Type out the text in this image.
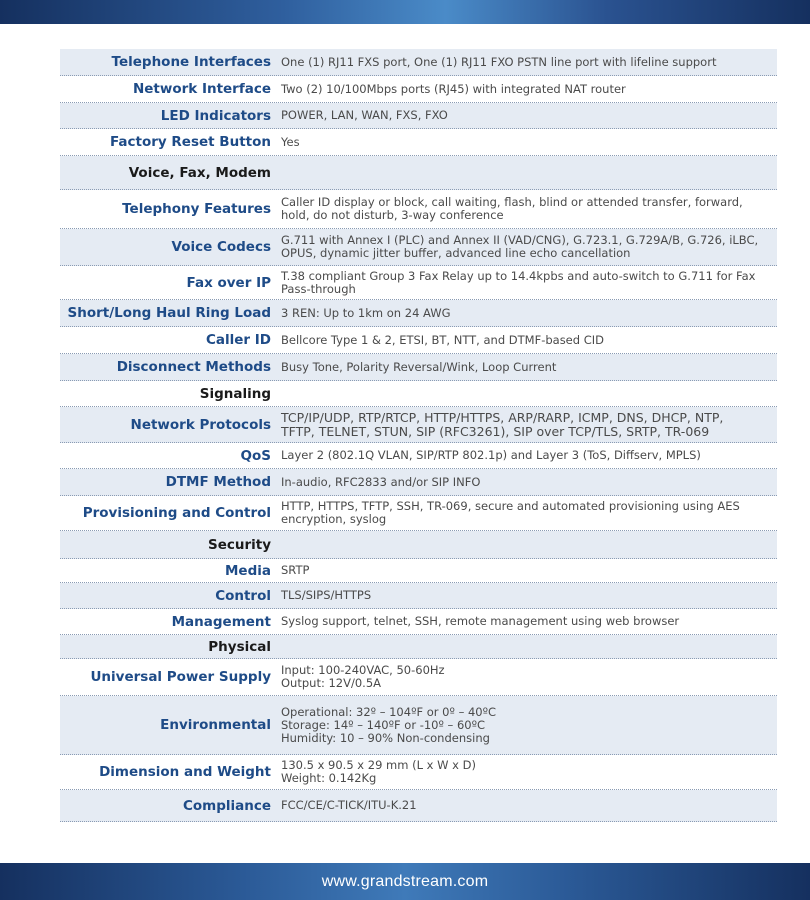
Telephone Interfaces One (1) RJ11 FXS port, One (1) RJ11 FXO PSTN line port with lifeline support
Network Interface Two (2) 10/100Mbps ports (RJ45) with integrated NAT router
LED Indicators POWER, LAN, WAN, FXS, FXO
Factory Reset Button Yes
Voice, Fax, Modem
Telephony Features Caller ID display or block, call waiting, flash, blind or attended transfer, forward,
hold, do not disturb, 3-way conference
Voice Codecs G.711 with Annex I (PLC) and Annex II (VAD/CNG), G.723.1, G.729A/B, G.726, iLBC,
OPUS, dynamic jitter buffer, advanced line echo cancellation
Fax over IP T.38 compliant Group 3 Fax Relay up to 14.4kpbs and auto-switch to G.711 for Fax
Pass-through
Short/Long Haul Ring Load 3 REN: Up to 1km on 24 AWG
Caller ID Bellcore Type 1 & 2, ETSI, BT, NTT, and DTMF-based CID
Disconnect Methods Busy Tone, Polarity Reversal/Wink, Loop Current
Signaling
Network Protocols TCP/IP/UDP, RTP/RTCP, HTTP/HTTPS, ARP/RARP, ICMP, DNS, DHCP, NTP,
TFTP, TELNET, STUN, SIP (RFC3261), SIP over TCP/TLS, SRTP, TR-069
QoS Layer 2 (802.1Q VLAN, SIP/RTP 802.1p) and Layer 3 (ToS, Diffserv, MPLS)
DTMF Method In-audio, RFC2833 and/or SIP INFO
Provisioning and Control HTTP, HTTPS, TFTP, SSH, TR-069, secure and automated provisioning using AES
encryption, syslog
Security
Media SRTP
Control TLS/SIPS/HTTPS
Management Syslog support, telnet, SSH, remote management using web browser
Physical
Universal Power Supply Input: 100-240VAC, 50-60Hz
Output: 12V/0.5A
Environmental
Operational: 32º – 104ºF or 0º – 40ºC
Storage: 14º – 140ºF or -10º – 60ºC
Humidity: 10 – 90% Non-condensing
Dimension and Weight 130.5 x 90.5 x 29 mm (L x W x D)
Weight: 0.142Kg
Compliance FCC/CE/C-TICK/ITU-K.21
www.grandstream.com
